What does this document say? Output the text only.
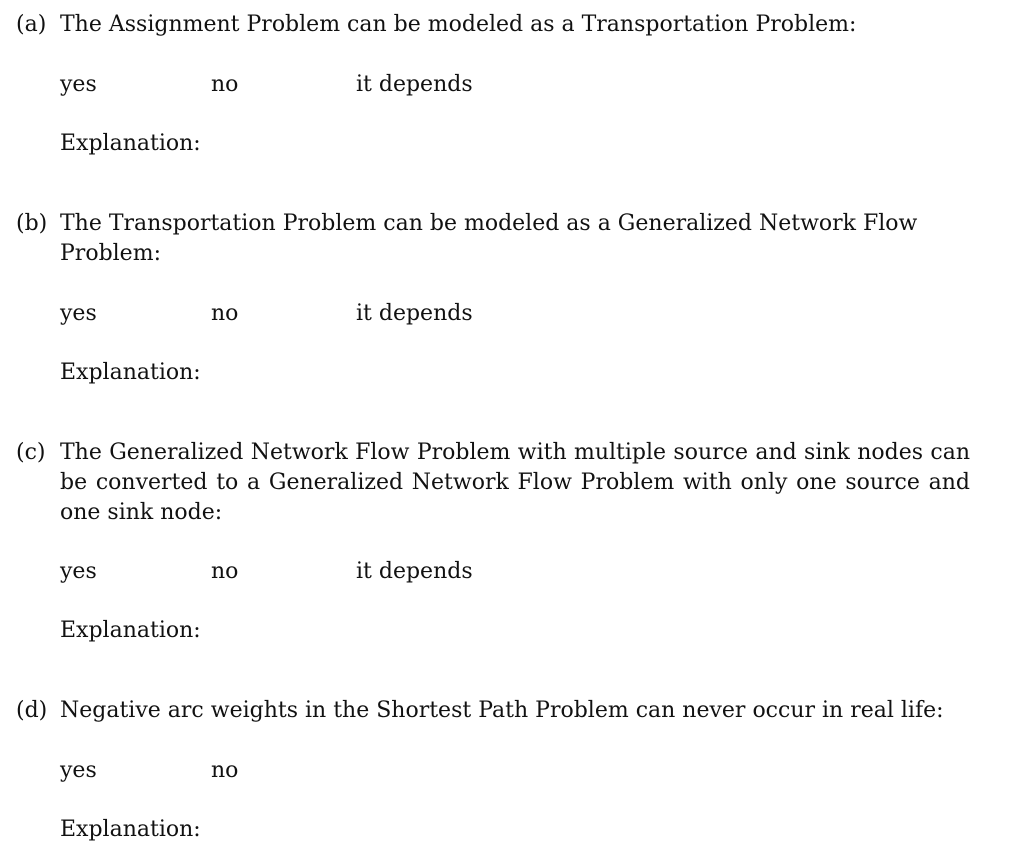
(a) The Assignment Problem can be modeled as a Transportation Problem:
yes	no	it depends
Explanation:
(b) The Transportation Problem can be modeled as a Generalized Network Flow Problem:
yes	no	it depends
Explanation:
(c) The Generalized Network Flow Problem with multiple source and sink nodes can be converted to a Generalized Network Flow Problem with only one source and one sink node:
yes	no	it depends
Explanation:
(d) Negative arc weights in the Shortest Path Problem can never occur in real life:
yes	no
Explanation:
